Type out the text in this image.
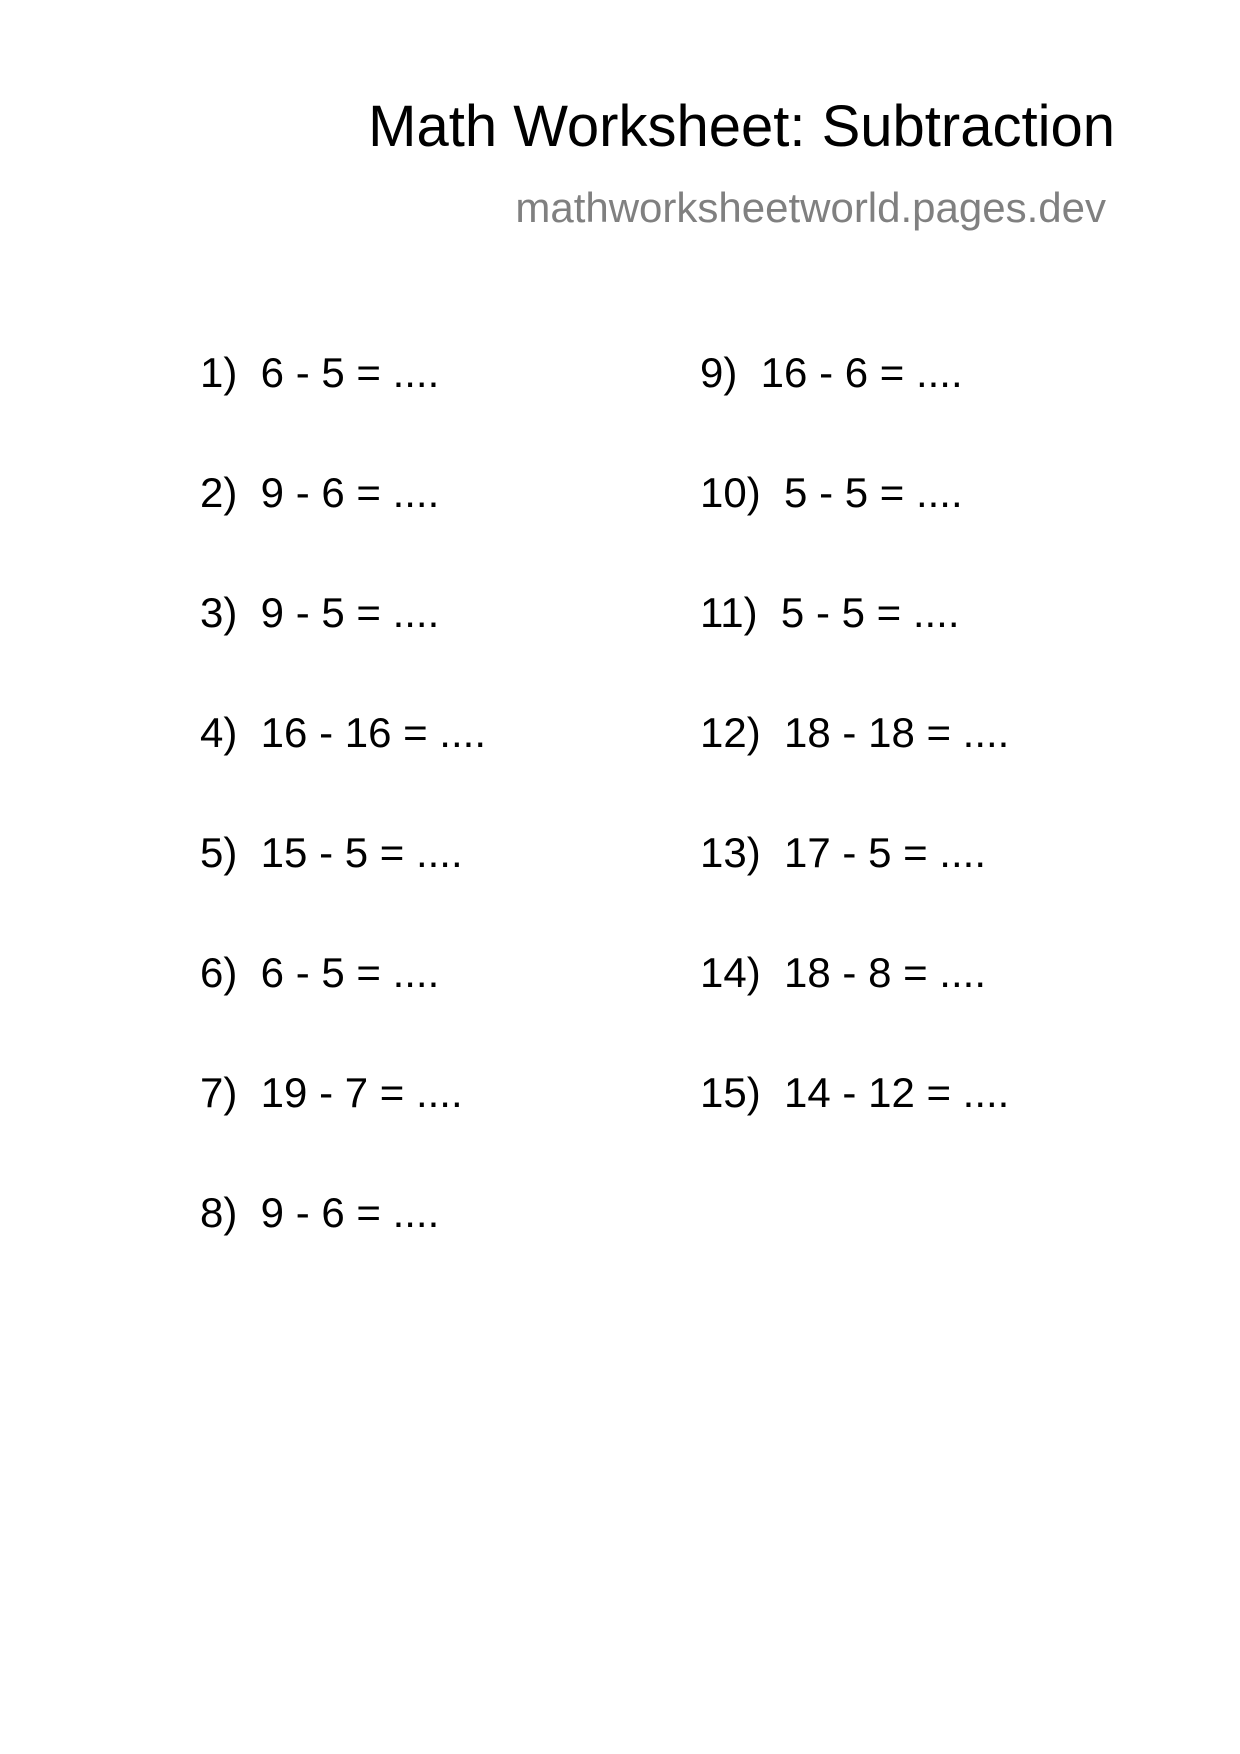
Math Worksheet: Subtraction
mathworksheetworld.pages.dev
1)  6 - 5 = ....
2)  9 - 6 = ....
3)  9 - 5 = ....
4)  16 - 16 = ....
5)  15 - 5 = ....
6)  6 - 5 = ....
7)  19 - 7 = ....
8)  9 - 6 = ....
9)  16 - 6 = ....
10)  5 - 5 = ....
11)  5 - 5 = ....
12)  18 - 18 = ....
13)  17 - 5 = ....
14)  18 - 8 = ....
15)  14 - 12 = ....
